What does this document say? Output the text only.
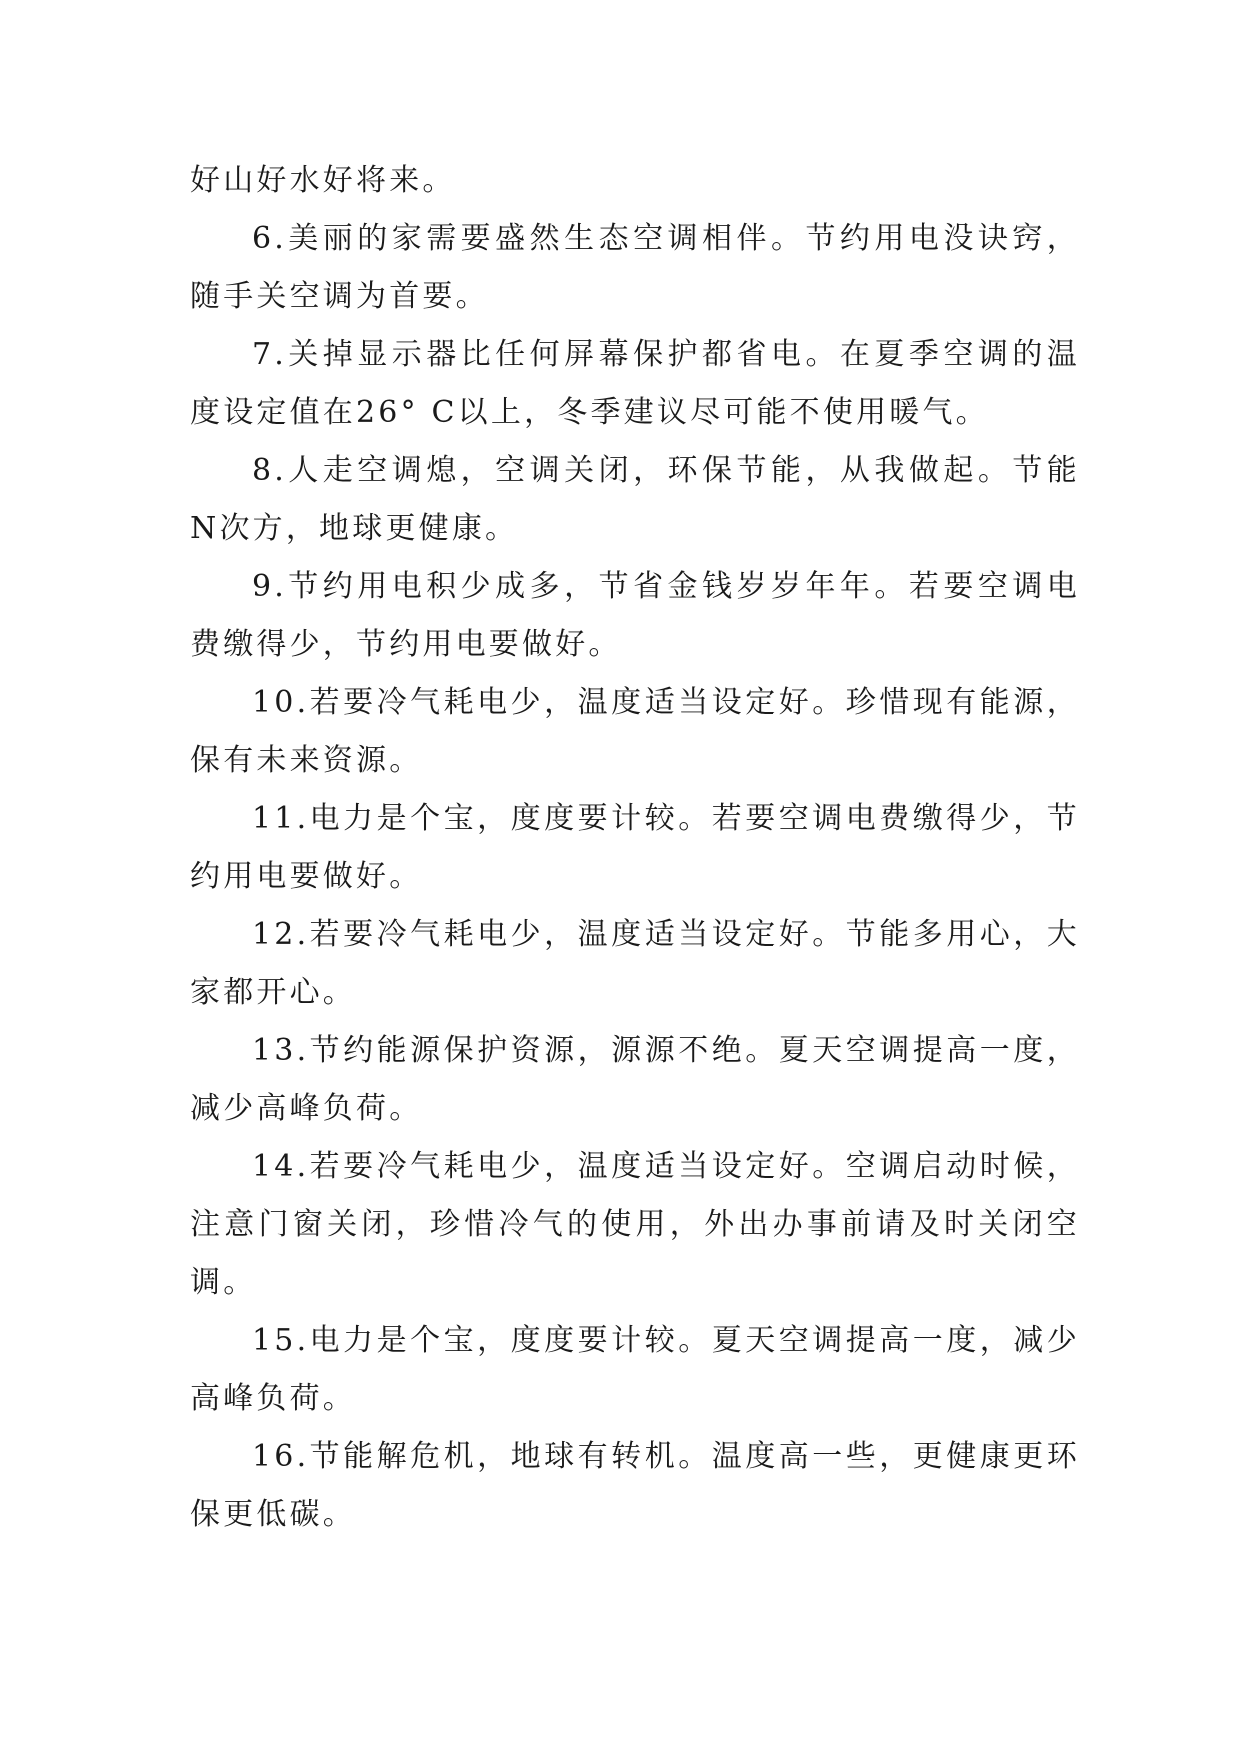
好山好水好将来。

6.美丽的家需要盛然生态空调相伴。节约用电没诀窍，随手关空调为首要。

7.关掉显示器比任何屏幕保护都省电。在夏季空调的温度设定值在26° C以上，冬季建议尽可能不使用暖气。

8.人走空调熄，空调关闭，环保节能，从我做起。节能N次方，地球更健康。

9.节约用电积少成多，节省金钱岁岁年年。若要空调电费缴得少，节约用电要做好。

10.若要冷气耗电少，温度适当设定好。珍惜现有能源，保有未来资源。

11.电力是个宝，度度要计较。若要空调电费缴得少，节约用电要做好。

12.若要冷气耗电少，温度适当设定好。节能多用心，大家都开心。

13.节约能源保护资源，源源不绝。夏天空调提高一度，减少高峰负荷。

14.若要冷气耗电少，温度适当设定好。空调启动时候，注意门窗关闭，珍惜冷气的使用，外出办事前请及时关闭空调。

15.电力是个宝，度度要计较。夏天空调提高一度，减少高峰负荷。

16.节能解危机，地球有转机。温度高一些，更健康更环保更低碳。
